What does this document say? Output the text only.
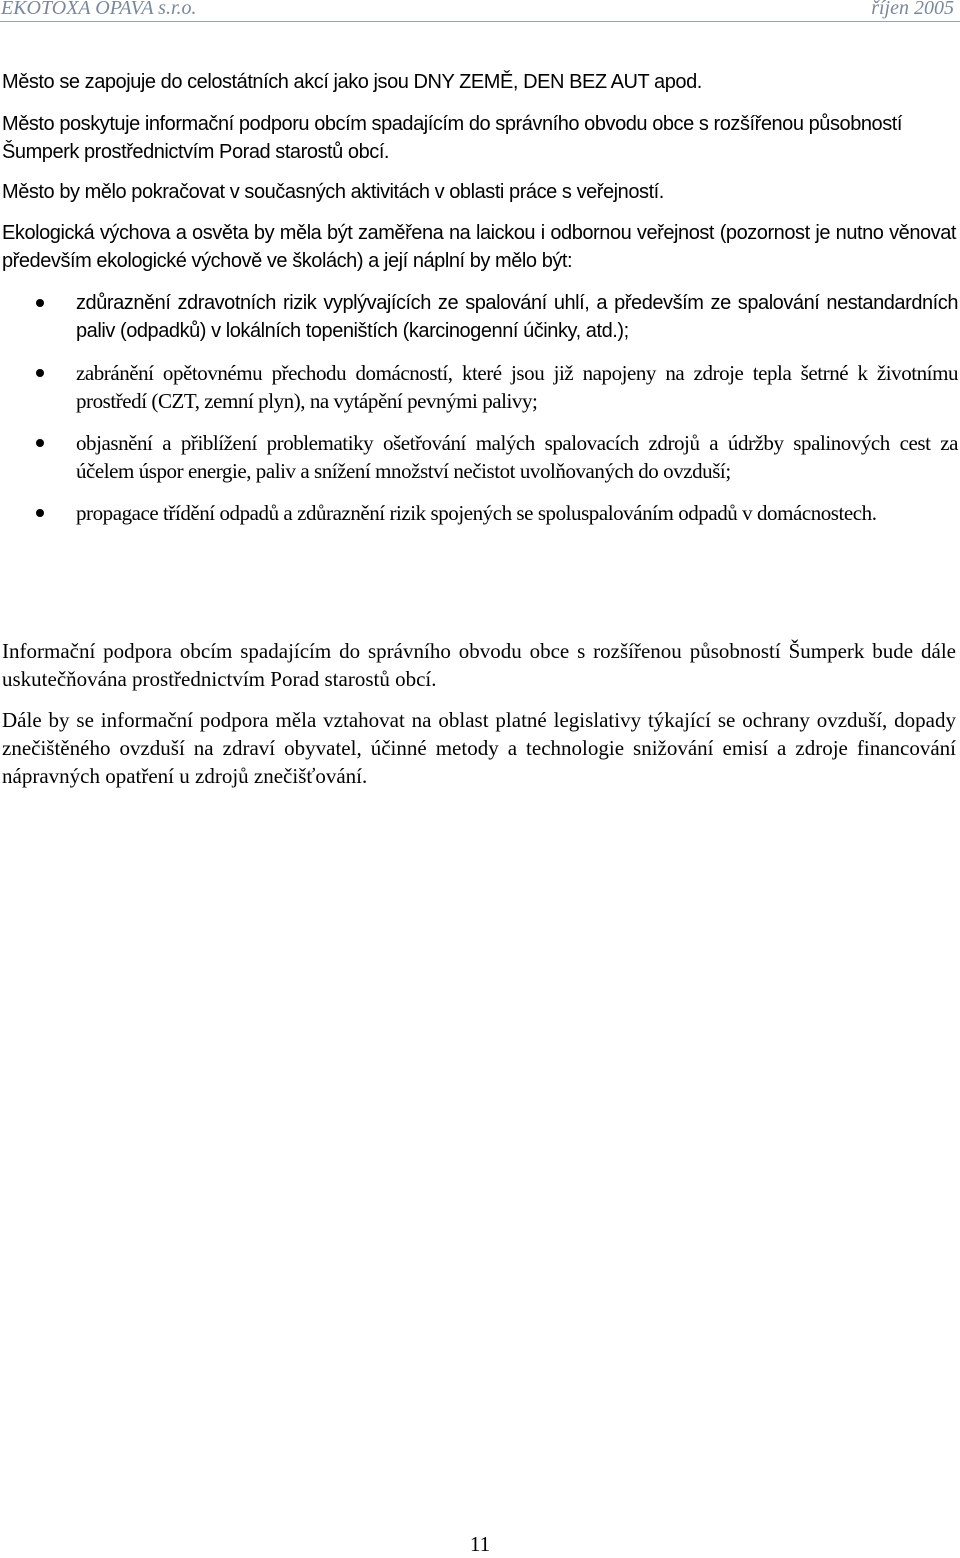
EKOTOXA OPAVA s.r.o.	říjen 2005

Město se zapojuje do celostátních akcí jako jsou DNY ZEMĚ, DEN BEZ AUT apod.

Město poskytuje informační podporu obcím spadajícím do správního obvodu obce s rozšířenou působností Šumperk prostřednictvím Porad starostů obcí.

Město by mělo pokračovat v současných aktivitách v oblasti práce s veřejností.

Ekologická výchova a osvěta by měla být zaměřena na laickou i odbornou veřejnost (pozornost je nutno věnovat především ekologické výchově ve školách) a její náplní by mělo být:

zdůraznění zdravotních rizik vyplývajících ze spalování uhlí, a především ze spalování nestandardních paliv (odpadků) v lokálních topeništích (karcinogenní účinky, atd.);
zabránění opětovnému přechodu domácností, které jsou již napojeny na zdroje tepla šetrné k životnímu prostředí (CZT, zemní plyn), na vytápění pevnými palivy;
objasnění a přiblížení problematiky ošetřování malých spalovacích zdrojů a údržby spalinových cest za účelem úspor energie, paliv a snížení množství nečistot uvolňovaných do ovzduší;
propagace třídění odpadů a zdůraznění rizik spojených se spoluspalováním odpadů v domácnostech.

Informační podpora obcím spadajícím do správního obvodu obce s rozšířenou působností Šumperk bude dále uskutečňována prostřednictvím Porad starostů obcí.

Dále by se informační podpora měla vztahovat na oblast platné legislativy týkající se ochrany ovzduší, dopady znečištěného ovzduší na zdraví obyvatel, účinné metody a technologie snižování emisí a zdroje financování nápravných opatření u zdrojů znečišťování.

11
